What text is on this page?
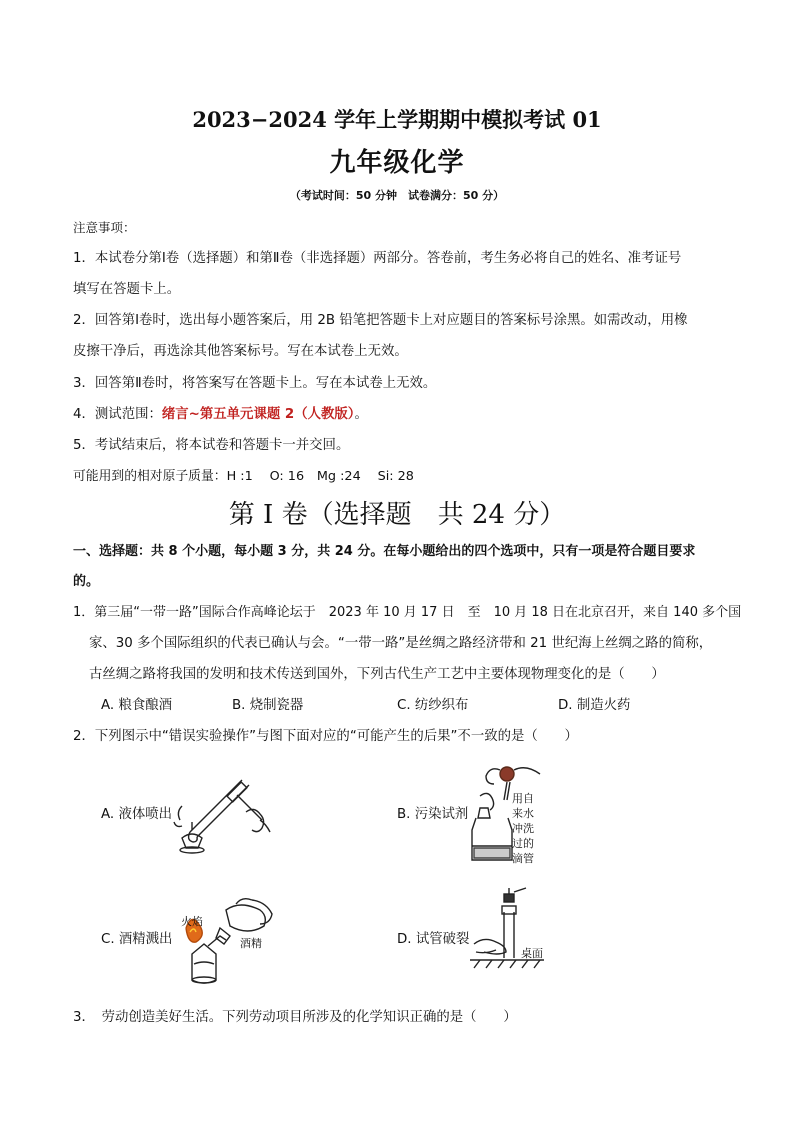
2023−2024 学年上学期期中模拟考试 01
九年级化学
（考试时间：50 分钟　试卷满分：50 分）
注意事项：
1．本试卷分第Ⅰ卷（选择题）和第Ⅱ卷（非选择题）两部分。答卷前，考生务必将自己的姓名、准考证号
填写在答题卡上。
2．回答第Ⅰ卷时，选出每小题答案后，用 2B 铅笔把答题卡上对应题目的答案标号涂黑。如需改动，用橡
皮擦干净后，再选涂其他答案标号。写在本试卷上无效。
3．回答第Ⅱ卷时，将答案写在答题卡上。写在本试卷上无效。
4．测试范围：绪言~第五单元课题 2（人教版）。
5．考试结束后，将本试卷和答题卡一并交回。
可能用到的相对原子质量：H :1　 O: 16　Mg :24　 Si: 28
第 I 卷（选择题　共 24 分）
一、选择题：共 8 个小题，每小题 3 分，共 24 分。在每小题给出的四个选项中，只有一项是符合题目要求
的。
1．第三届“一带一路”国际合作高峰论坛于　2023 年 10 月 17 日　至　10 月 18 日在北京召开，来自 140 多个国
家、30 多个国际组织的代表已确认与会。“一带一路”是丝绸之路经济带和 21 世纪海上丝绸之路的简称，
古丝绸之路将我国的发明和技术传送到国外，下列古代生产工艺中主要体现物理变化的是（　　）
A. 粮食酿酒	B. 烧制瓷器	C. 纺纱织布	D. 制造火药
2．下列图示中“错误实验操作”与图下面对应的“可能产生的后果”不一致的是（　　）
A. 液体喷出	B. 污染试剂
C. 酒精溅出	D. 试管破裂
用自
来水
冲洗
过的
滴管
火焰
酒精
桌面
3．　劳动创造美好生活。下列劳动项目所涉及的化学知识正确的是（　　）
